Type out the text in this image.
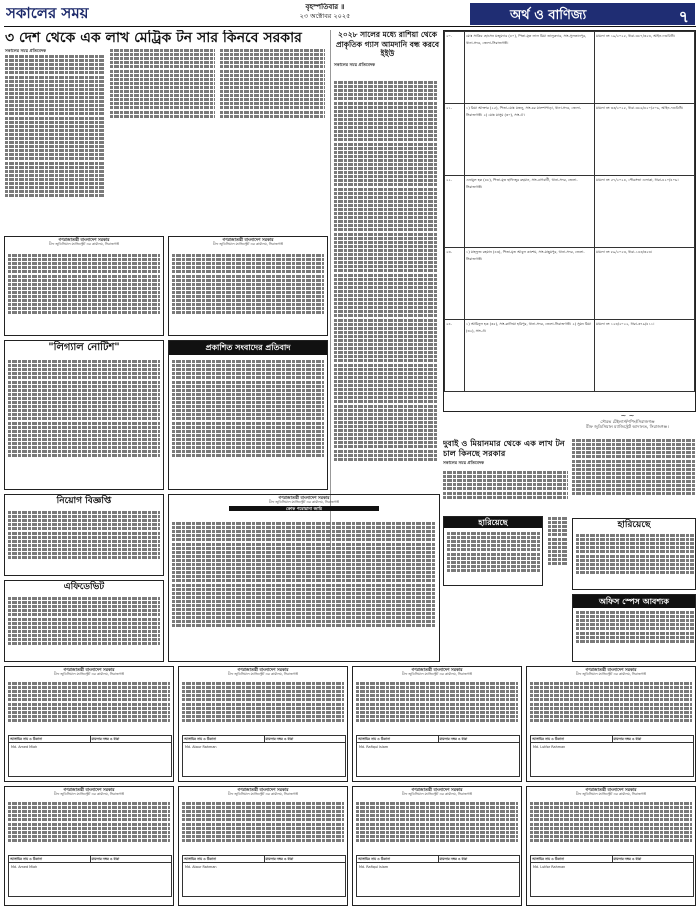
সকালের সময়	বৃহস্পতিবার ॥
২৩ অক্টোবর ২০২৫	অর্থ ও বাণিজ্য	৭
৩ দেশ থেকে এক লাখ মেট্রিক টন সার কিনবে সরকার
সকালের সময় প্রতিবেদক
২০২৮ সালের মধ্যে রাশিয়া থেকে প্রাকৃতিক গ্যাস আমদানি বন্ধ করবে ইইউ
সকালের সময় প্রতিবেদক
২০.	মোঃ সাকিব হোসেন মজুমদার (৪০), পিতা-মৃত লাল মিয়া তালুকদার, সাং-সুলতানপুর, থানা-সদর, জেলা-সিরাজগঞ্জ।	মামলা নং ১৯/২০২৫, ধারা-৩৮৭/৩২৩, আইন-দণ্ডবিধি।
২১.	১) রিয়া আক্তার (২৫), পিতা-মোঃ মজনু, সাং-চর মালশাপাড়া, থানা-সদর, জেলা-সিরাজগঞ্জ। ২) মোঃ মাসুম (৩০), সাং-ঐ।	মামলা নং ৩৩/২০২৫, ধারা-৩৮৬/৪২০/৫০৬, আইন-দণ্ডবিধি।
২২.	এনামুল হক (৪৮), পিতা-মৃত হাফিজুর রহমান, সাং-বাগবাটী, থানা-সদর, জেলা-সিরাজগঞ্জ।	মামলা নং ৫৭/২০২৪, পৌরসভা এলাকা, ধারা-৪২০/৪০৬।
২৩.	১) মাহফুজ রহমান (৪৩), পিতা-মৃত আবুল কাশেম, সাং-মাছুমপুর, থানা-সদর, জেলা-সিরাজগঞ্জ।	মামলা নং ৮৯/২০২৩, ধারা-১৪৩/৩২৩।
২৪.	১) আমিনুল হক (৩৫), সাং-কালিয়া হরিপুর, থানা-সদর, জেলা-সিরাজগঞ্জ। ২) সুমন মিয়া (৩২), সাং-ঐ।	মামলা নং ১২৩/২০২২, ধারা-৩৭৯/৪১১।
~ ~
সৌরভ টেইলার্স/শপিং/সিরাজগঞ্জ
চীফ জুডিসিয়াল ম্যাজিস্ট্রেট আদালত, সিরাজগঞ্জ।
গণপ্রজাতন্ত্রী বাংলাদেশ সরকার
চীফ জুডিসিয়াল ম্যাজিস্ট্রেট এর কার্যালয়, সিরাজগঞ্জ
গণপ্রজাতন্ত্রী বাংলাদেশ সরকার
চীফ জুডিসিয়াল ম্যাজিস্ট্রেট এর কার্যালয়, সিরাজগঞ্জ
"লিগ্যাল নোটিশ"	প্রকাশিত সংবাদের প্রতিবাদ
গণপ্রজাতন্ত্রী বাংলাদেশ সরকার
চীফ জুডিসিয়াল ম্যাজিস্ট্রেট এর কার্যালয়, সিরাজগঞ্জ
ক্রোক পরোয়ানা জারি
নিয়োগ বিজ্ঞপ্তি
এফিডেভিট
দুবাই ও মিয়ানমার থেকে এক লাখ টন চাল কিনছে সরকার
সকালের সময় প্রতিবেদক
হারিয়েছে	হারিয়েছে
অফিস স্পেস আবশ্যক
গণপ্রজাতন্ত্রী বাংলাদেশ সরকার
চীফ জুডিসিয়াল ম্যাজিস্ট্রেট এর কার্যালয়, সিরাজগঞ্জ
আসামির নাম ও ঠিকানা	মামলার নম্বর ও ধারা
Md. Amed Miah
গণপ্রজাতন্ত্রী বাংলাদেশ সরকার
চীফ জুডিসিয়াল ম্যাজিস্ট্রেট এর কার্যালয়, সিরাজগঞ্জ
আসামির নাম ও ঠিকানা	মামলার নম্বর ও ধারা
Md. Ataur Rahman
গণপ্রজাতন্ত্রী বাংলাদেশ সরকার
চীফ জুডিসিয়াল ম্যাজিস্ট্রেট এর কার্যালয়, সিরাজগঞ্জ
আসামির নাম ও ঠিকানা	মামলার নম্বর ও ধারা
Md. Rafiqul Islam
গণপ্রজাতন্ত্রী বাংলাদেশ সরকার
চীফ জুডিসিয়াল ম্যাজিস্ট্রেট এর কার্যালয়, সিরাজগঞ্জ
আসামির নাম ও ঠিকানা	মামলার নম্বর ও ধারা
Md. Lutfor Rahman
গণপ্রজাতন্ত্রী বাংলাদেশ সরকার
চীফ জুডিসিয়াল ম্যাজিস্ট্রেট এর কার্যালয়, সিরাজগঞ্জ
আসামির নাম ও ঠিকানা	মামলার নম্বর ও ধারা
Md. Amed Miah
গণপ্রজাতন্ত্রী বাংলাদেশ সরকার
চীফ জুডিসিয়াল ম্যাজিস্ট্রেট এর কার্যালয়, সিরাজগঞ্জ
আসামির নাম ও ঠিকানা	মামলার নম্বর ও ধারা
Md. Ataur Rahman
গণপ্রজাতন্ত্রী বাংলাদেশ সরকার
চীফ জুডিসিয়াল ম্যাজিস্ট্রেট এর কার্যালয়, সিরাজগঞ্জ
আসামির নাম ও ঠিকানা	মামলার নম্বর ও ধারা
Md. Rafiqul Islam
গণপ্রজাতন্ত্রী বাংলাদেশ সরকার
চীফ জুডিসিয়াল ম্যাজিস্ট্রেট এর কার্যালয়, সিরাজগঞ্জ
আসামির নাম ও ঠিকানা	মামলার নম্বর ও ধারা
Md. Lutfor Rahman
